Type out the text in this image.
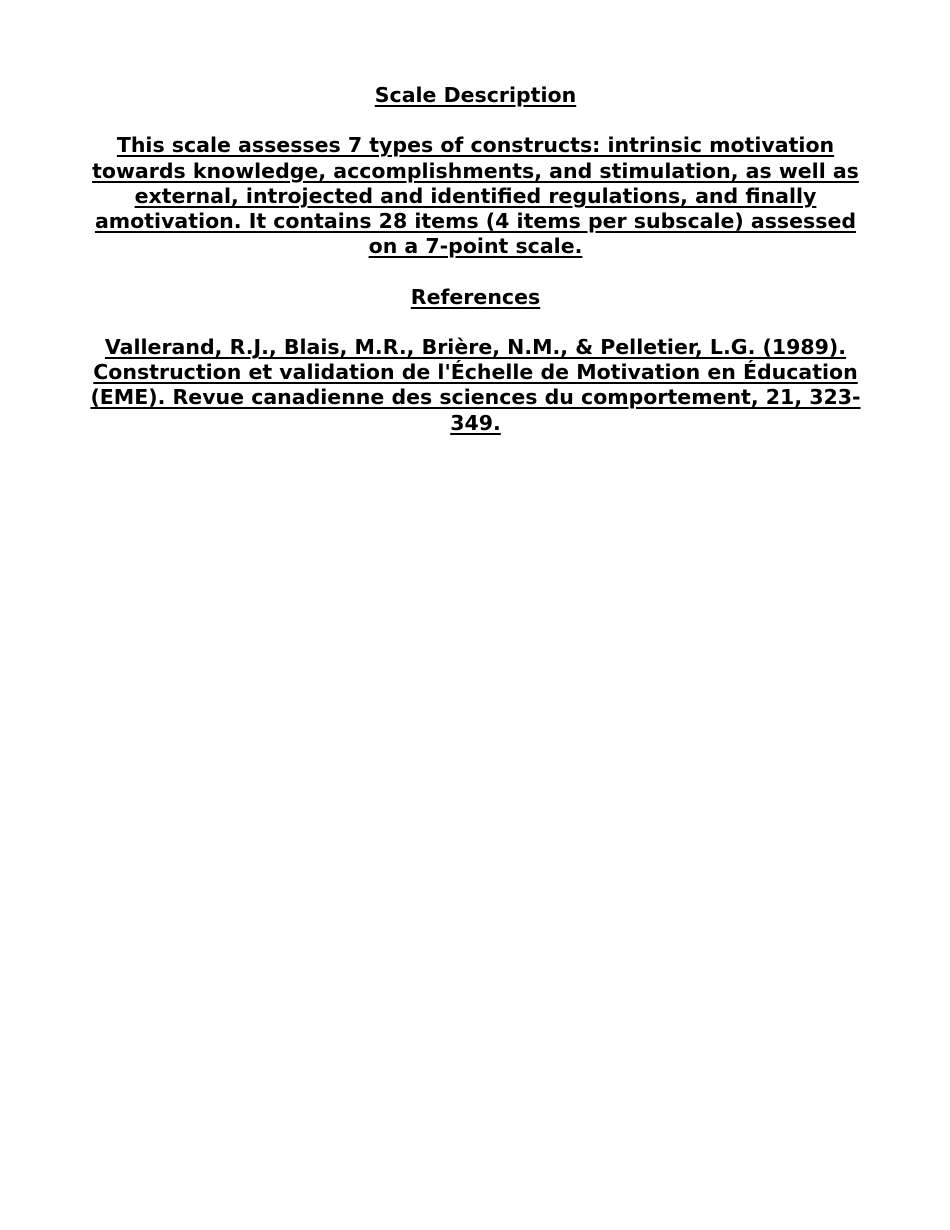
Scale Description

This scale assesses 7 types of constructs: intrinsic motivation towards knowledge, accomplishments, and stimulation, as well as external, introjected and identified regulations, and finally amotivation. It contains 28 items (4 items per subscale) assessed on a 7-point scale.

References

Vallerand, R.J., Blais, M.R., Brière, N.M., & Pelletier, L.G. (1989). Construction et validation de l'Échelle de Motivation en Éducation (EME). Revue canadienne des sciences du comportement, 21, 323-349.
